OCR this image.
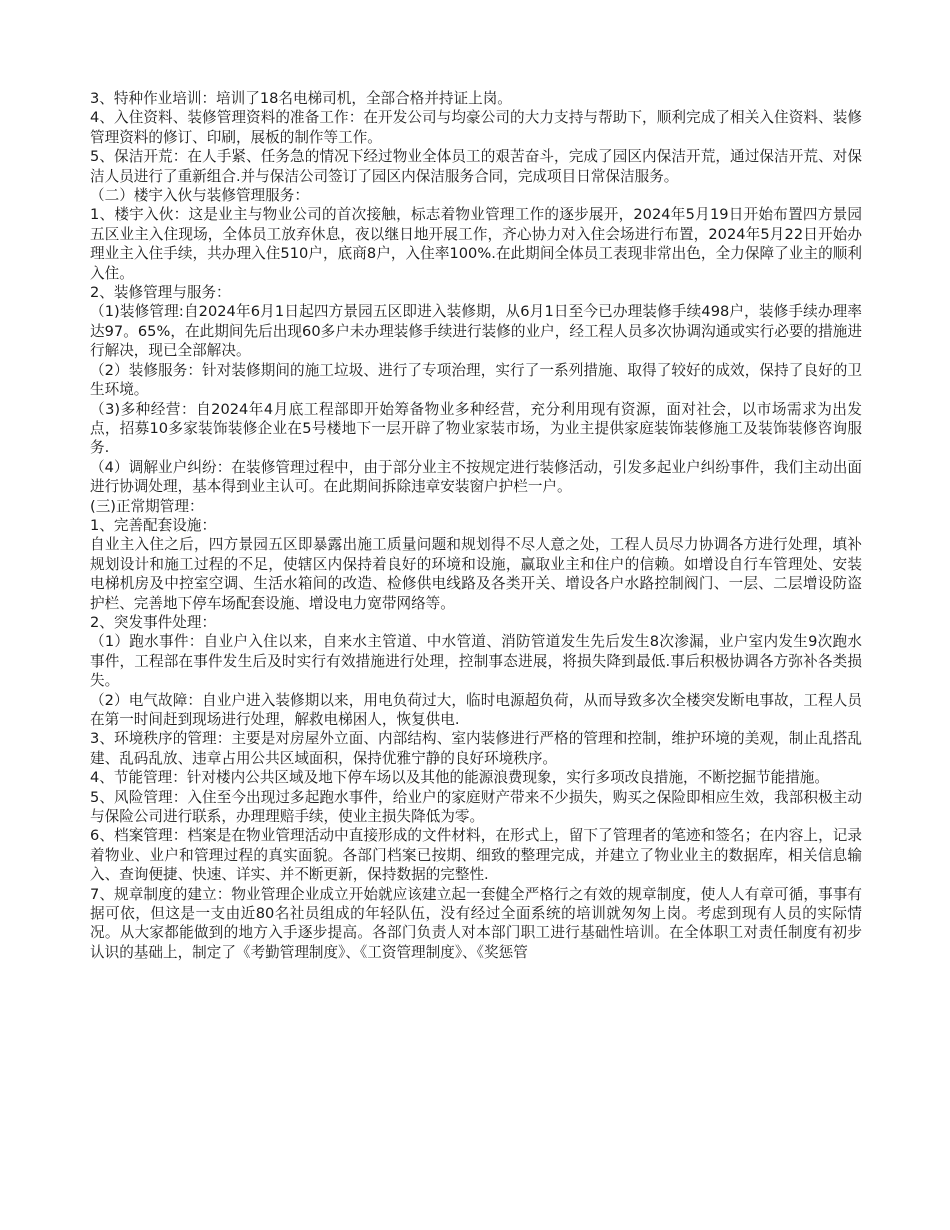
3、特种作业培训：培训了18名电梯司机，全部合格并持证上岗。

4、入住资料、装修管理资料的准备工作：在开发公司与均豪公司的大力支持与帮助下，顺利完成了相关入住资料、装修管理资料的修订、印刷，展板的制作等工作。

5、保洁开荒：在人手紧、任务急的情况下经过物业全体员工的艰苦奋斗，完成了园区内保洁开荒，通过保洁开荒、对保洁人员进行了重新组合.并与保洁公司签订了园区内保洁服务合同，完成项目日常保洁服务。

（二）楼宇入伙与装修管理服务：

1、楼宇入伙：这是业主与物业公司的首次接触，标志着物业管理工作的逐步展开，2024年5月19日开始布置四方景园五区业主入住现场，全体员工放弃休息，夜以继日地开展工作，齐心协力对入住会场进行布置，2024年5月22日开始办理业主入住手续，共办理入住510户，底商8户，入住率100%.在此期间全体员工表现非常出色，全力保障了业主的顺利入住。

2、装修管理与服务：

（1)装修管理:自2024年6月1日起四方景园五区即进入装修期，从6月1日至今已办理装修手续498户，装修手续办理率达97。65%，在此期间先后出现60多户未办理装修手续进行装修的业户，经工程人员多次协调沟通或实行必要的措施进行解决，现已全部解决。

（2）装修服务：针对装修期间的施工垃圾、进行了专项治理，实行了一系列措施、取得了较好的成效，保持了良好的卫生环境。

（3)多种经营：自2024年4月底工程部即开始筹备物业多种经营，充分利用现有资源，面对社会，以市场需求为出发点，招募10多家装饰装修企业在5号楼地下一层开辟了物业家装市场，为业主提供家庭装饰装修施工及装饰装修咨询服务.

（4）调解业户纠纷：在装修管理过程中，由于部分业主不按规定进行装修活动，引发多起业户纠纷事件，我们主动出面进行协调处理，基本得到业主认可。在此期间拆除违章安装窗户护栏一户。

(三)正常期管理：

1、完善配套设施：

自业主入住之后，四方景园五区即暴露出施工质量问题和规划得不尽人意之处，工程人员尽力协调各方进行处理，填补规划设计和施工过程的不足，使辖区内保持着良好的环境和设施，赢取业主和住户的信赖。如增设自行车管理处、安装电梯机房及中控室空调、生活水箱间的改造、检修供电线路及各类开关、增设各户水路控制阀门、一层、二层增设防盗护栏、完善地下停车场配套设施、增设电力宽带网络等。

2、突发事件处理：

（1）跑水事件：自业户入住以来，自来水主管道、中水管道、消防管道发生先后发生8次渗漏，业户室内发生9次跑水事件，工程部在事件发生后及时实行有效措施进行处理，控制事态进展，将损失降到最低.事后积极协调各方弥补各类损失。

（2）电气故障：自业户进入装修期以来，用电负荷过大，临时电源超负荷，从而导致多次全楼突发断电事故，工程人员在第一时间赶到现场进行处理，解救电梯困人，恢复供电.

3、环境秩序的管理：主要是对房屋外立面、内部结构、室内装修进行严格的管理和控制，维护环境的美观，制止乱搭乱建、乱码乱放、违章占用公共区域面积，保持优雅宁静的良好环境秩序。

4、节能管理：针对楼内公共区域及地下停车场以及其他的能源浪费现象，实行多项改良措施，不断挖掘节能措施。

5、风险管理：入住至今出现过多起跑水事件，给业户的家庭财产带来不少损失，购买之保险即相应生效，我部积极主动与保险公司进行联系，办理理赔手续，使业主损失降低为零。

6、档案管理：档案是在物业管理活动中直接形成的文件材料，在形式上，留下了管理者的笔迹和签名；在内容上，记录着物业、业户和管理过程的真实面貌。各部门档案已按期、细致的整理完成，并建立了物业业主的数据库，相关信息输入、查询便捷、快速、详实、并不断更新，保持数据的完整性.

7、规章制度的建立：物业管理企业成立开始就应该建立起一套健全严格行之有效的规章制度，使人人有章可循，事事有据可依，但这是一支由近80名社员组成的年轻队伍，没有经过全面系统的培训就匆匆上岗。考虑到现有人员的实际情况。从大家都能做到的地方入手逐步提高。各部门负责人对本部门职工进行基础性培训。在全体职工对责任制度有初步认识的基础上，制定了《考勤管理制度》、《工资管理制度》、《奖惩管
